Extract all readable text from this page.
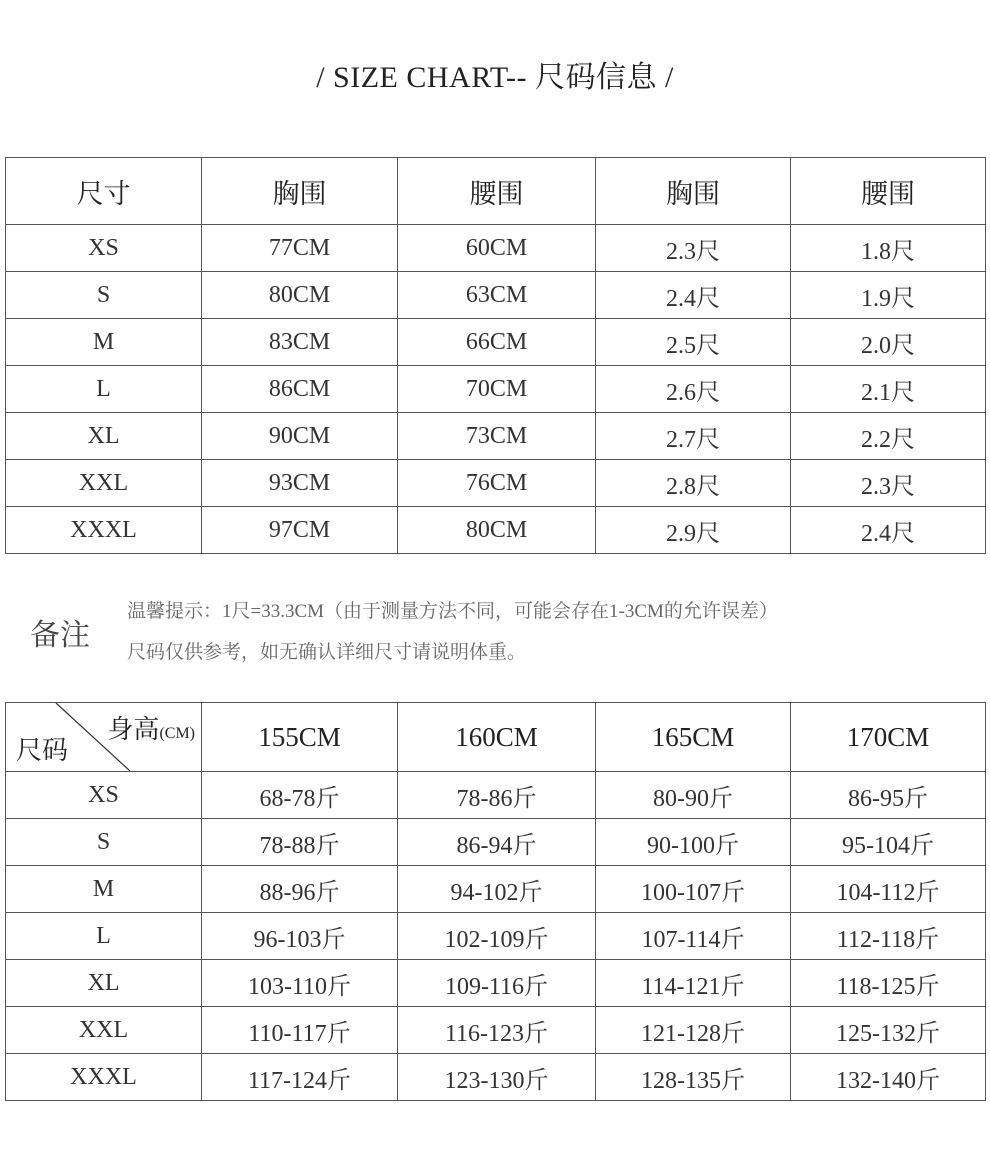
/ SIZE CHART-- 尺码信息 /
尺寸	胸围	腰围	胸围	腰围
XS	77CM	60CM	2.3尺	1.8尺
S	80CM	63CM	2.4尺	1.9尺
M	83CM	66CM	2.5尺	2.0尺
L	86CM	70CM	2.6尺	2.1尺
XL	90CM	73CM	2.7尺	2.2尺
XXL	93CM	76CM	2.8尺	2.3尺
XXXL	97CM	80CM	2.9尺	2.4尺
备注
温馨提示：1尺=33.3CM（由于测量方法不同，可能会存在1-3CM的允许误差）
尺码仅供参考，如无确认详细尺寸请说明体重。
身高(CM)
尺码	155CM	160CM	165CM	170CM
XS	68-78斤	78-86斤	80-90斤	86-95斤
S	78-88斤	86-94斤	90-100斤	95-104斤
M	88-96斤	94-102斤	100-107斤	104-112斤
L	96-103斤	102-109斤	107-114斤	112-118斤
XL	103-110斤	109-116斤	114-121斤	118-125斤
XXL	110-117斤	116-123斤	121-128斤	125-132斤
XXXL	117-124斤	123-130斤	128-135斤	132-140斤
